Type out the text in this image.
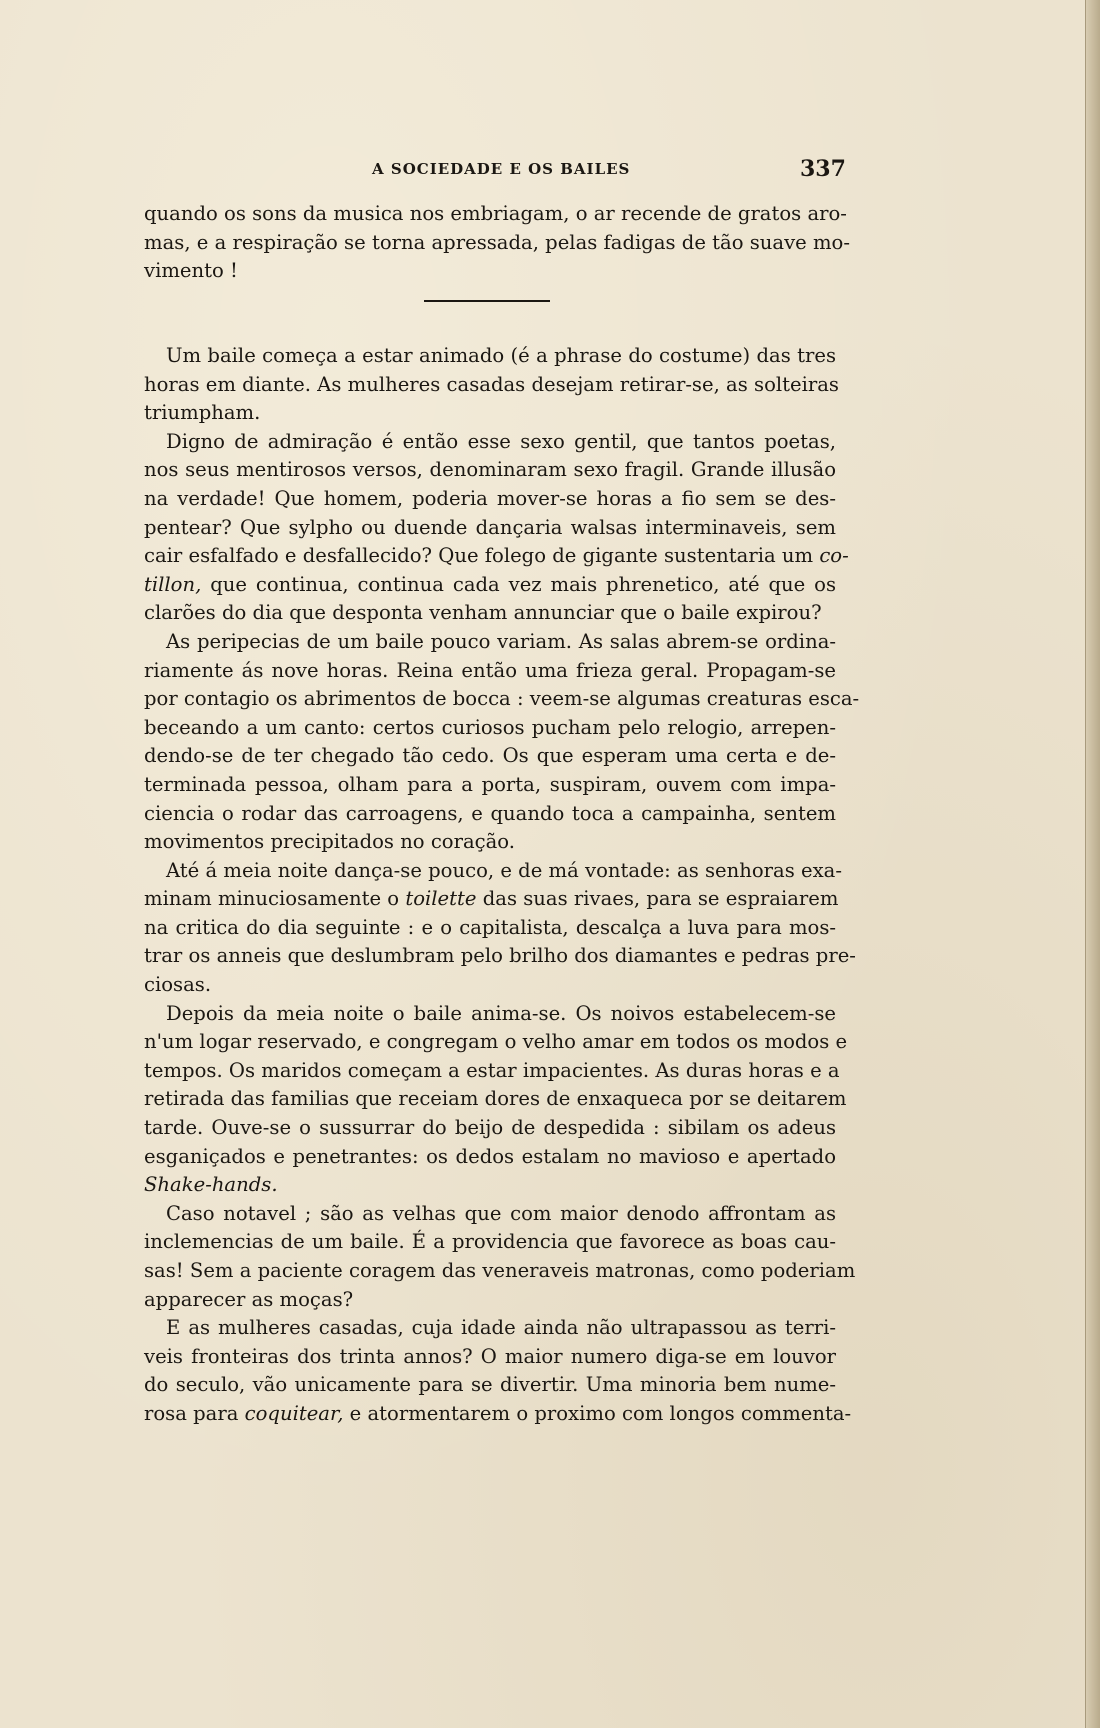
A SOCIEDADE E OS BAILES	337
quando os sons da musica nos embriagam, o ar recende de gratos aro-
mas, e a respiração se torna apressada, pelas fadigas de tão suave mo-
vimento !
Um baile começa a estar animado (é a phrase do costume) das tres
horas em diante. As mulheres casadas desejam retirar-se, as solteiras
triumpham.
Digno de admiração é então esse sexo gentil, que tantos poetas,
nos seus mentirosos versos, denominaram sexo fragil. Grande illusão
na verdade! Que homem, poderia mover-se horas a fio sem se des-
pentear? Que sylpho ou duende dançaria walsas interminaveis, sem
cair esfalfado e desfallecido? Que folego de gigante sustentaria um co-
tillon, que continua, continua cada vez mais phrenetico, até que os
clarões do dia que desponta venham annunciar que o baile expirou?
As peripecias de um baile pouco variam. As salas abrem-se ordina-
riamente ás nove horas. Reina então uma frieza geral. Propagam-se
por contagio os abrimentos de bocca : veem-se algumas creaturas esca-
beceando a um canto: certos curiosos pucham pelo relogio, arrepen-
dendo-se de ter chegado tão cedo. Os que esperam uma certa e de-
terminada pessoa, olham para a porta, suspiram, ouvem com impa-
ciencia o rodar das carroagens, e quando toca a campainha, sentem
movimentos precipitados no coração.
Até á meia noite dança-se pouco, e de má vontade: as senhoras exa-
minam minuciosamente o toilette das suas rivaes, para se espraiarem
na critica do dia seguinte : e o capitalista, descalça a luva para mos-
trar os anneis que deslumbram pelo brilho dos diamantes e pedras pre-
ciosas.
Depois da meia noite o baile anima-se. Os noivos estabelecem-se
n'um logar reservado, e congregam o velho amar em todos os modos e
tempos. Os maridos começam a estar impacientes. As duras horas e a
retirada das familias que receiam dores de enxaqueca por se deitarem
tarde. Ouve-se o sussurrar do beijo de despedida : sibilam os adeus
esganiçados e penetrantes: os dedos estalam no mavioso e apertado
Shake-hands.
Caso notavel ; são as velhas que com maior denodo affrontam as
inclemencias de um baile. É a providencia que favorece as boas cau-
sas! Sem a paciente coragem das veneraveis matronas, como poderiam
apparecer as moças?
E as mulheres casadas, cuja idade ainda não ultrapassou as terri-
veis fronteiras dos trinta annos? O maior numero diga-se em louvor
do seculo, vão unicamente para se divertir. Uma minoria bem nume-
rosa para coquitear, e atormentarem o proximo com longos commenta-
